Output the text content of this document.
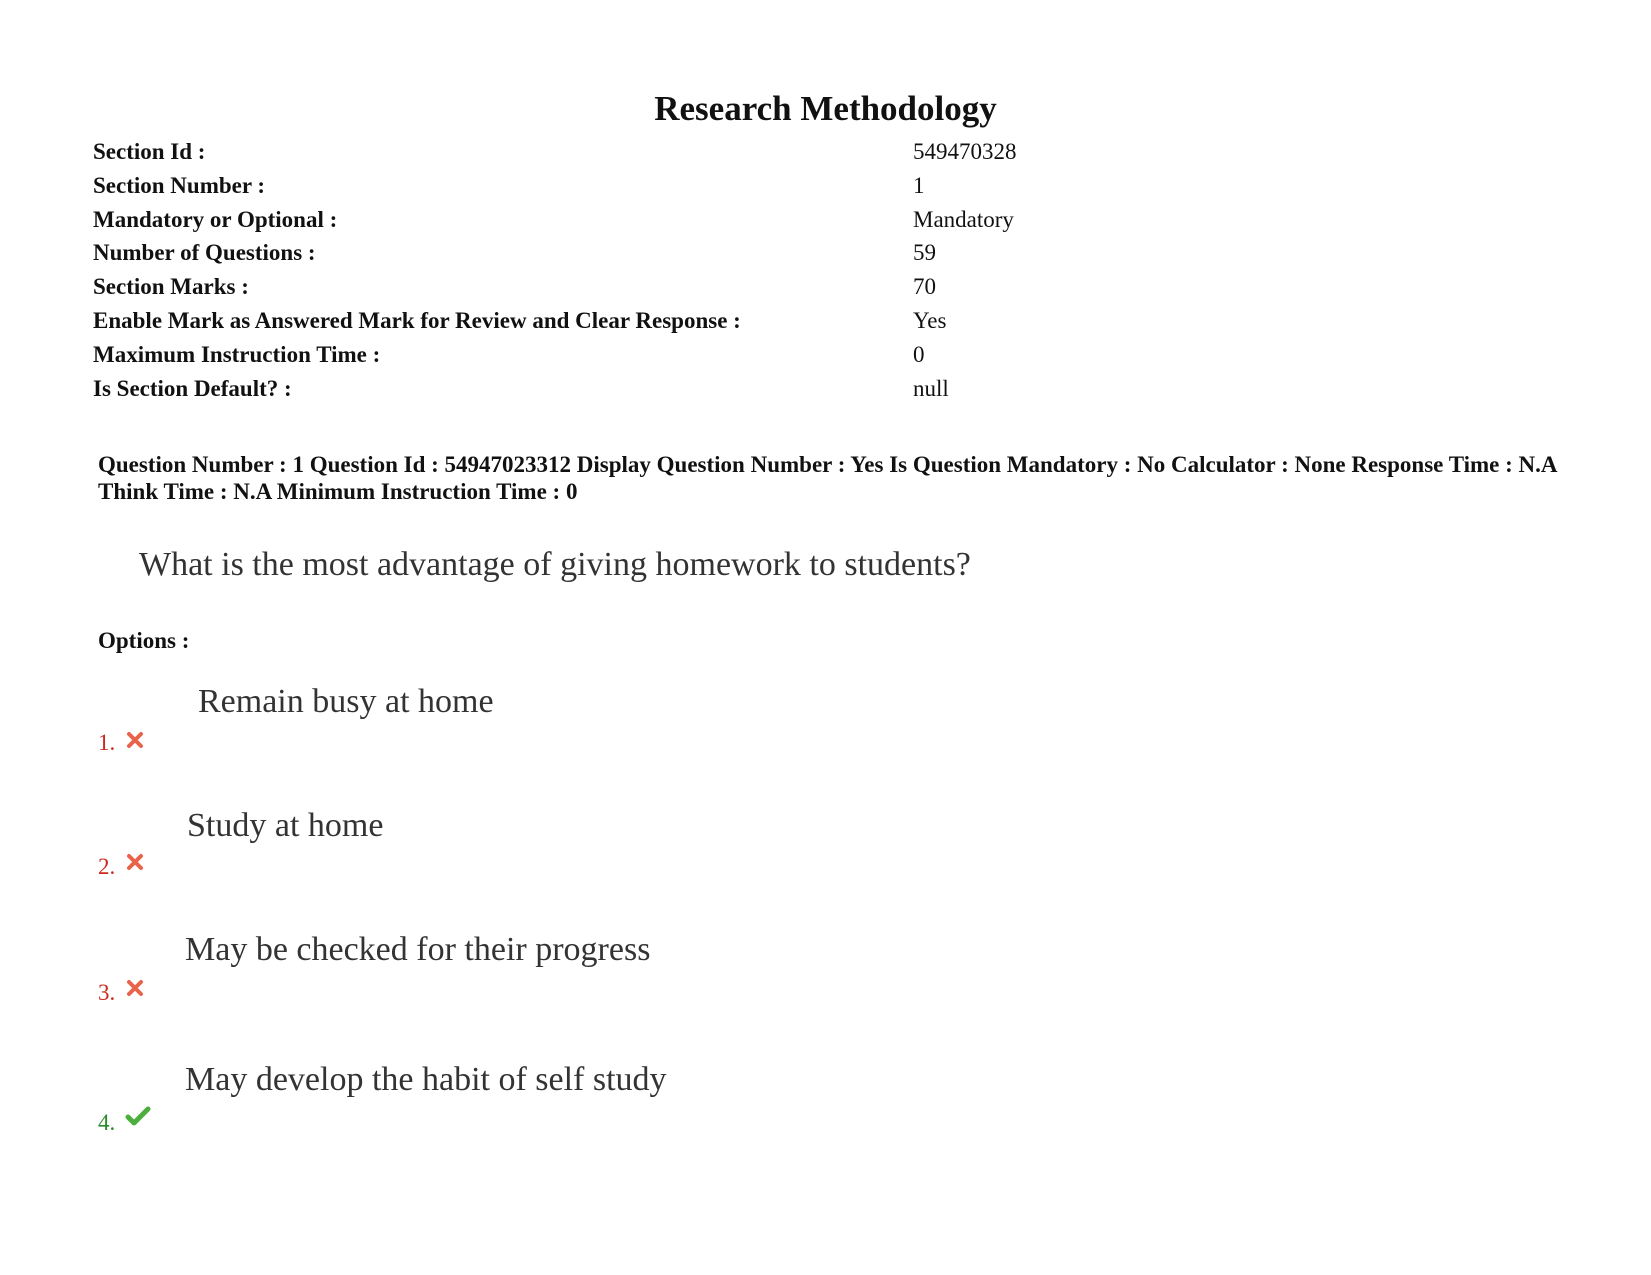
Research Methodology
Section Id :	549470328
Section Number :	1
Mandatory or Optional :	Mandatory
Number of Questions :	59
Section Marks :	70
Enable Mark as Answered Mark for Review and Clear Response :	Yes
Maximum Instruction Time :	0
Is Section Default? :	null
Question Number : 1 Question Id : 54947023312 Display Question Number : Yes Is Question Mandatory : No Calculator : None Response Time : N.A Think Time : N.A Minimum Instruction Time : 0
What is the most advantage of giving homework to students?
Options :
Remain busy at home
1.
Study at home
2.
May be checked for their progress
3.
May develop the habit of self study
4.
